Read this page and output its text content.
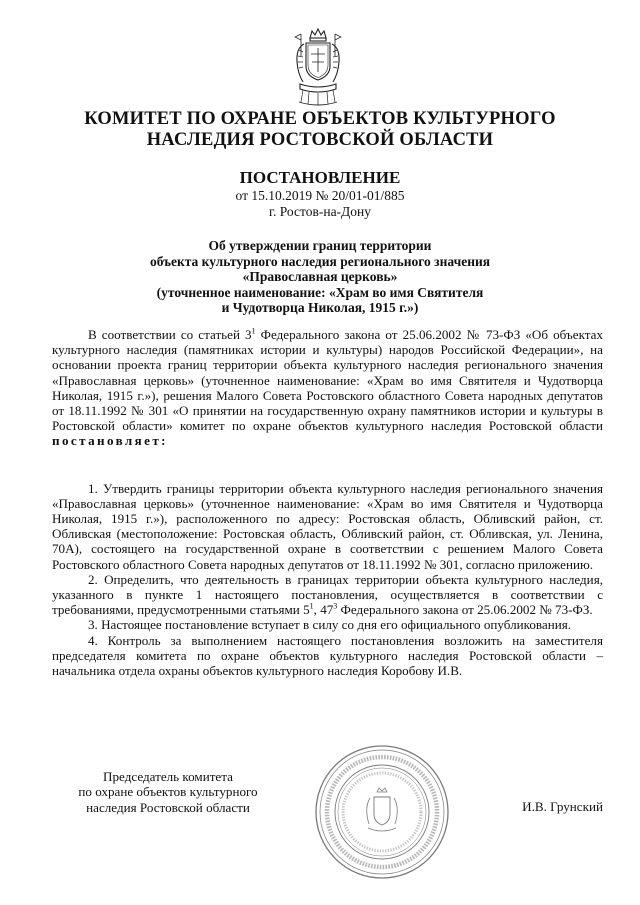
КОМИТЕТ ПО ОХРАНЕ ОБЪЕКТОВ КУЛЬТУРНОГО
НАСЛЕДИЯ РОСТОВСКОЙ ОБЛАСТИ
ПОСТАНОВЛЕНИЕ
от 15.10.2019 № 20/01-01/885
г. Ростов-на-Дону
Об утверждении границ территории
объекта культурного наследия регионального значения
«Православная церковь»
(уточненное наименование: «Храм во имя Святителя
и Чудотворца Николая, 1915 г.»)

В соответствии со статьей $3^1$ Федерального закона от 25.06.2002 № 73-ФЗ «Об объектах культурного наследия (памятниках истории и культуры) народов Российской Федерации», на основании проекта границ территории объекта культурного наследия регионального значения «Православная церковь» (уточненное наименование: «Храм во имя Святителя и Чудотворца Николая, 1915 г.»), решения Малого Совета Ростовского областного Совета народных депутатов от 18.11.1992 № 301 «О принятии на государственную охрану памятников истории и культуры в Ростовской области» комитет по охране объектов культурного наследия Ростовской области постановляет:

1. Утвердить границы территории объекта культурного наследия регионального значения «Православная церковь» (уточненное наименование: «Храм во имя Святителя и Чудотворца Николая, 1915 г.»), расположенного по адресу: Ростовская область, Обливский район, ст. Обливская (местоположение: Ростовская область, Обливский район, ст. Обливская, ул. Ленина, 70А), состоящего на государственной охране в соответствии с решением Малого Совета Ростовского областного Совета народных депутатов от 18.11.1992 № 301, согласно приложению.

2. Определить, что деятельность в границах территории объекта культурного наследия, указанного в пункте 1 настоящего постановления, осуществляется в соответствии с требованиями, предусмотренными статьями $5^1$, $47^3$ Федерального закона от 25.06.2002 № 73-ФЗ.

3. Настоящее постановление вступает в силу со дня его официального опубликования.

4. Контроль за выполнением настоящего постановления возложить на заместителя председателя комитета по охране объектов культурного наследия Ростовской области – начальника отдела охраны объектов культурного наследия Коробову И.В.

Председатель комитета
по охране объектов культурного
наследия Ростовской области	И.В. Грунский
